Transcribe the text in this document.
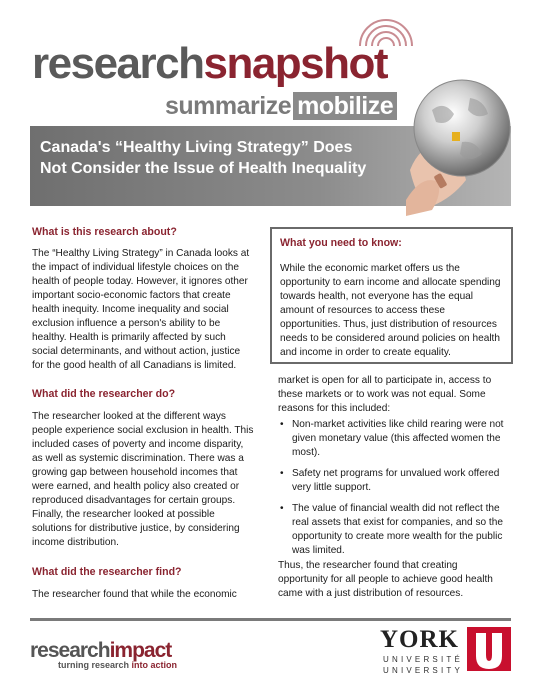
researchsnapshot
summarize mobilize
Canada's “Healthy Living Strategy” Does Not Consider the Issue of Health Inequality
What is this research about?
The “Healthy Living Strategy” in Canada looks at the impact of individual lifestyle choices on the health of people today. However, it ignores other important socio-economic factors that create health inequity. Income inequality and social exclusion influence a person's ability to be healthy. Health is primarily affected by such social determinants, and without action, justice for the good health of all Canadians is limited.
What did the researcher do?
The researcher looked at the different ways people experience social exclusion in health. This included cases of poverty and income disparity, as well as systemic discrimination. There was a growing gap between household incomes that were earned, and health policy also created or reproduced disadvantages for certain groups. Finally, the researcher looked at possible solutions for distributive justice, by considering income distribution.
What did the researcher find?
The researcher found that while the economic
What you need to know:
While the economic market offers us the opportunity to earn income and allocate spending towards health, not everyone has the equal amount of resources to access these opportunities. Thus, just distribution of resources needs to be considered around policies on health and income in order to create equality.
market is open for all to participate in, access to these markets or to work was not equal. Some reasons for this included:
• Non-market activities like child rearing were not given monetary value (this affected women the most).
• Safety net programs for unvalued work offered very little support.
• The value of financial wealth did not reflect the real assets that exist for companies, and so the opportunity to create more wealth for the public was limited.
Thus, the researcher found that creating opportunity for all people to achieve good health came with a just distribution of resources.
researchimpact
turning research into action
YORK
UNIVERSITÉ
UNIVERSITY
